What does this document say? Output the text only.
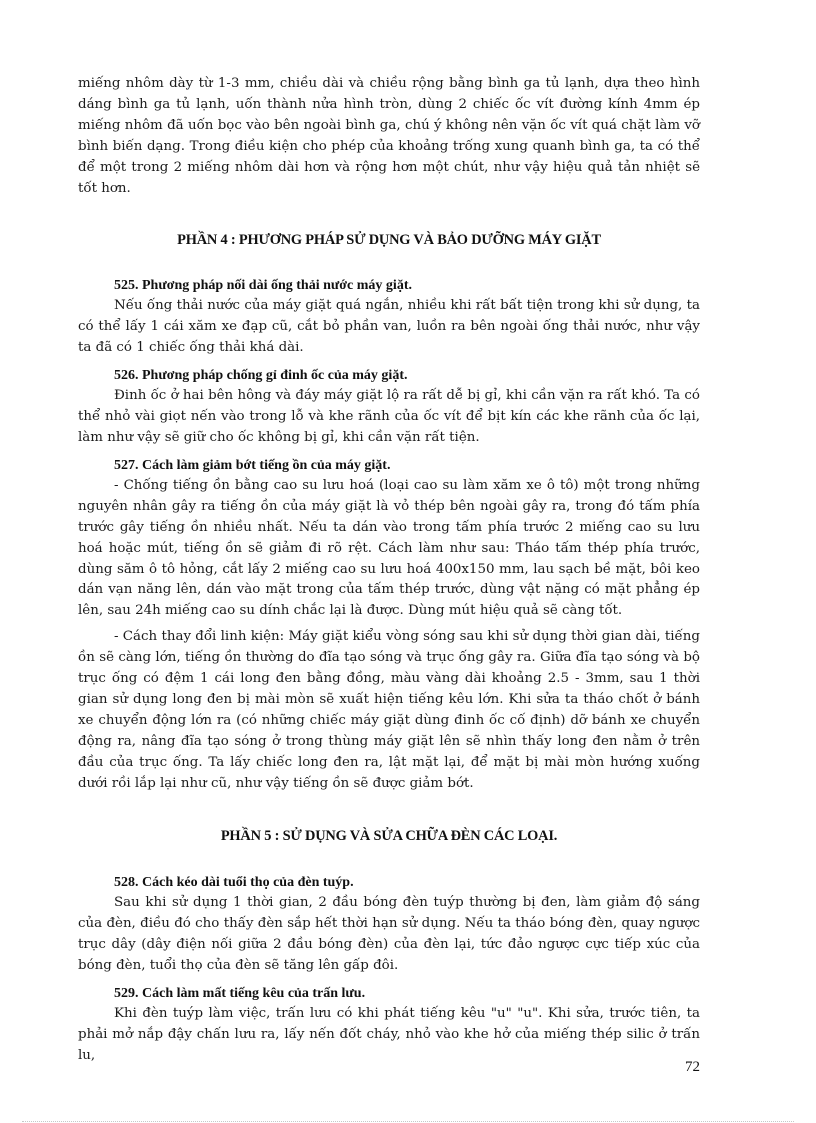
miếng nhôm dày từ 1-3 mm, chiều dài và chiều rộng bằng bình ga tủ lạnh, dựa theo hình dáng bình ga tủ lạnh, uốn thành nửa hình tròn, dùng 2 chiếc ốc vít đường kính 4mm ép miếng nhôm đã uốn bọc vào bên ngoài bình ga, chú ý không nên vặn ốc vít quá chặt làm vỡ bình biến dạng. Trong điều kiện cho phép của khoảng trống xung quanh bình ga, ta có thể để một trong 2 miếng nhôm dài hơn và rộng hơn một chút, như vậy hiệu quả tản nhiệt sẽ tốt hơn.

PHẦN 4 : PHƯƠNG PHÁP SỬ DỤNG VÀ BẢO DƯỠNG MÁY GIẶT
525. Phương pháp nối dài ống thải nước máy giặt.

Nếu ống thải nước của máy giặt quá ngắn, nhiều khi rất bất tiện trong khi sử dụng, ta có thể lấy 1 cái xăm xe đạp cũ, cắt bỏ phần van, luồn ra bên ngoài ống thải nước, như vậy ta đã có 1 chiếc ống thải khá dài.

526. Phương pháp chống gỉ đinh ốc của máy giặt.

Đinh ốc ở hai bên hông và đáy máy giặt lộ ra rất dễ bị gỉ, khi cần vặn ra rất khó. Ta có thể nhỏ vài giọt nến vào trong lỗ và khe rãnh của ốc vít để bịt kín các khe rãnh của ốc lại, làm như vậy sẽ giữ cho ốc không bị gỉ, khi cần vặn rất tiện.

527. Cách làm giảm bớt tiếng ồn của máy giặt.

- Chống tiếng ồn bằng cao su lưu hoá (loại cao su làm xăm xe ô tô) một trong những nguyên nhân gây ra tiếng ồn của máy giặt là vỏ thép bên ngoài gây ra, trong đó tấm phía trước gây tiếng ồn nhiều nhất. Nếu ta dán vào trong tấm phía trước 2 miếng cao su lưu hoá hoặc mút, tiếng ồn sẽ giảm đi rõ rệt. Cách làm như sau: Tháo tấm thép phía trước, dùng săm ô tô hỏng, cắt lấy 2 miếng cao su lưu hoá 400x150 mm, lau sạch bề mặt, bôi keo dán vạn năng lên, dán vào mặt trong của tấm thép trước, dùng vật nặng có mặt phẳng ép lên, sau 24h miếng cao su dính chắc lại là được. Dùng mút hiệu quả sẽ càng tốt.

- Cách thay đổi linh kiện: Máy giặt kiểu vòng sóng sau khi sử dụng thời gian dài, tiếng ồn sẽ càng lớn, tiếng ồn thường do đĩa tạo sóng và trục ống gây ra. Giữa đĩa tạo sóng và bộ trục ống có đệm 1 cái long đen bằng đồng, màu vàng dài khoảng 2.5 - 3mm, sau 1 thời gian sử dụng long đen bị mài mòn sẽ xuất hiện tiếng kêu lớn. Khi sửa ta tháo chốt ở bánh xe chuyển động lớn ra (có những chiếc máy giặt dùng đinh ốc cố định) dỡ bánh xe chuyển động ra, nâng đĩa tạo sóng ở trong thùng máy giặt lên sẽ nhìn thấy long đen nằm ở trên đầu của trục ống. Ta lấy chiếc long đen ra, lật mặt lại, để mặt bị mài mòn hướng xuống dưới rồi lắp lại như cũ, như vậy tiếng ồn sẽ được giảm bớt.

PHẦN 5 : SỬ DỤNG VÀ SỬA CHỮA ĐÈN CÁC LOẠI.
528. Cách kéo dài tuổi thọ của đèn tuýp.

Sau khi sử dụng 1 thời gian, 2 đầu bóng đèn tuýp thường bị đen, làm giảm độ sáng của đèn, điều đó cho thấy đèn sắp hết thời hạn sử dụng. Nếu ta tháo bóng đèn, quay ngược trục dây (dây điện nối giữa 2 đầu bóng đèn) của đèn lại, tức đảo ngược cực tiếp xúc của bóng đèn, tuổi thọ của đèn sẽ tăng lên gấp đôi.

529. Cách làm mất tiếng kêu của trấn lưu.

Khi đèn tuýp làm việc, trấn lưu có khi phát tiếng kêu "u" "u". Khi sửa, trước tiên, ta phải mở nắp đậy chấn lưu ra, lấy nến đốt cháy, nhỏ vào khe hở của miếng thép silic ở trấn lu,

72
